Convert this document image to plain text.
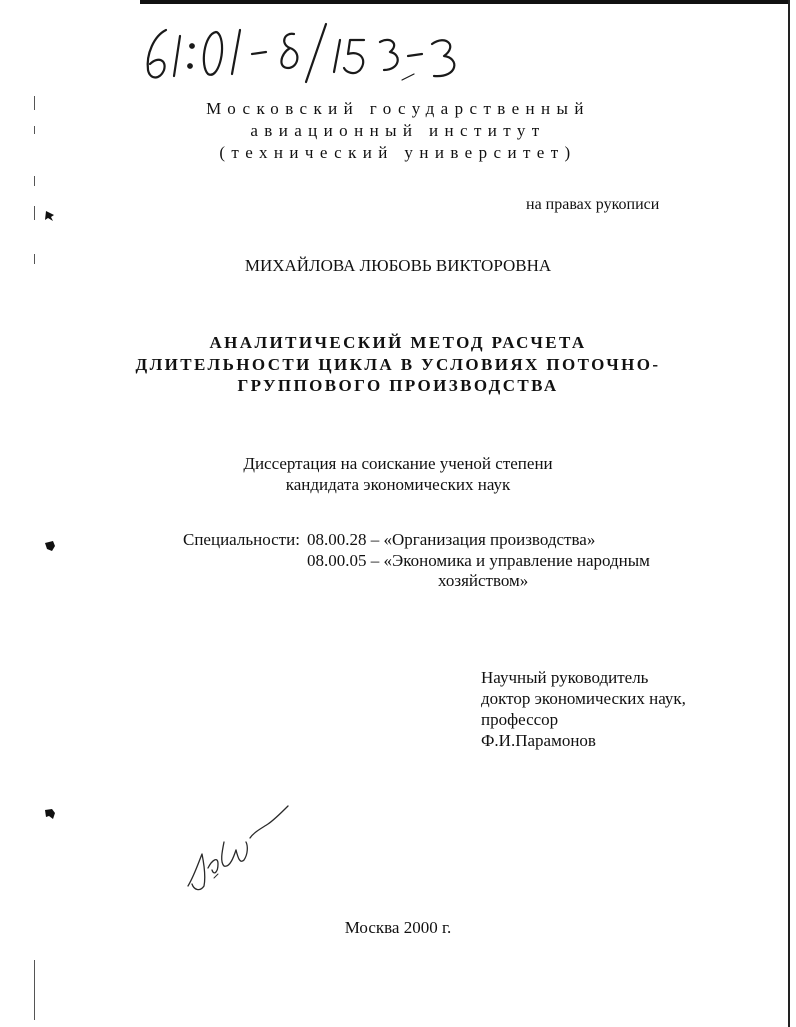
Московский государственный
авиационный институт
(технический университет)
на правах рукописи
МИХАЙЛОВА ЛЮБОВЬ ВИКТОРОВНА
АНАЛИТИЧЕСКИЙ МЕТОД РАСЧЕТА
ДЛИТЕЛЬНОСТИ ЦИКЛА В УСЛОВИЯХ ПОТОЧНО-
ГРУППОВОГО ПРОИЗВОДСТВА
Диссертация на соискание ученой степени
кандидата экономических наук
Специальности: 08.00.28 – «Организация производства»
08.00.05 – «Экономика и управление народным
хозяйством»
Научный руководитель
доктор экономических наук,
профессор
Ф.И.Парамонов
Москва 2000 г.
